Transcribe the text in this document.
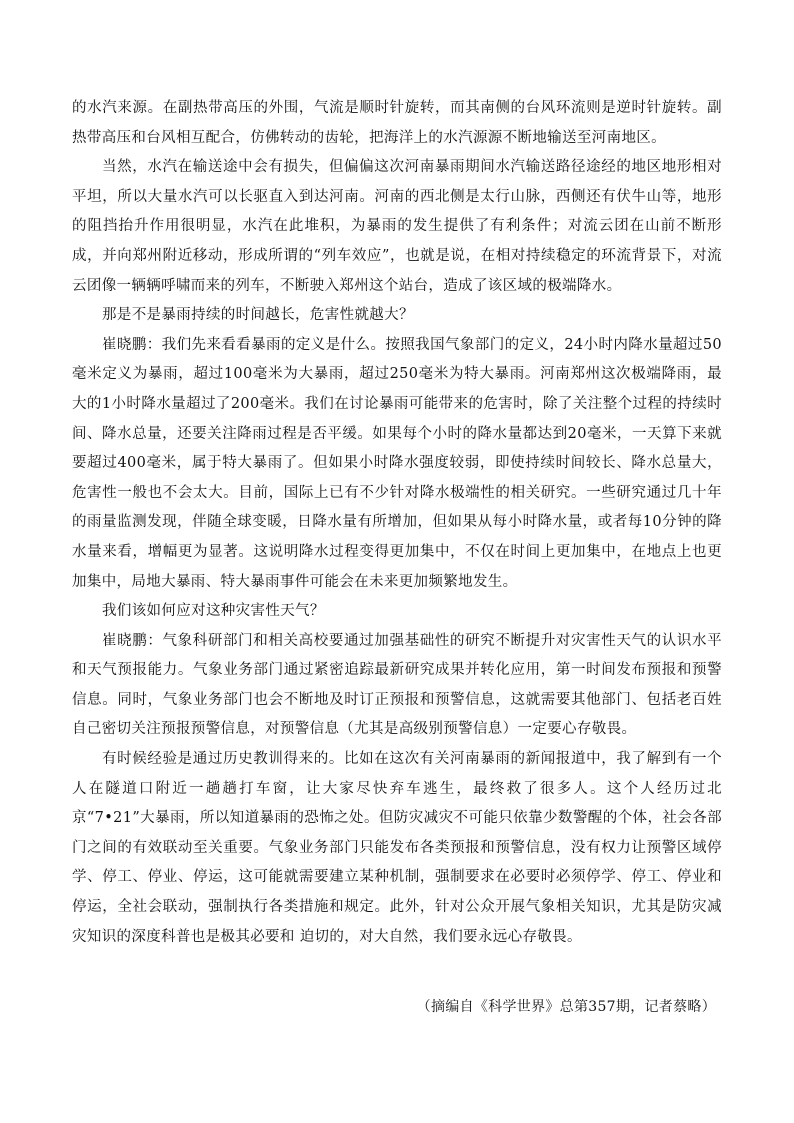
的水汽来源。在副热带高压的外围，气流是顺时针旋转，而其南侧的台风环流则是逆时针旋转。副热带高压和台风相互配合，仿佛转动的齿轮，把海洋上的水汽源源不断地输送至河南地区。

当然，水汽在输送途中会有损失，但偏偏这次河南暴雨期间水汽输送路径途经的地区地形相对平坦，所以大量水汽可以长驱直入到达河南。河南的西北侧是太行山脉，西侧还有伏牛山等，地形的阻挡抬升作用很明显，水汽在此堆积，为暴雨的发生提供了有利条件；对流云团在山前不断形成，并向郑州附近移动，形成所谓的“列车效应”，也就是说，在相对持续稳定的环流背景下，对流云团像一辆辆呼啸而来的列车，不断驶入郑州这个站台，造成了该区域的极端降水。

那是不是暴雨持续的时间越长，危害性就越大？

崔晓鹏：我们先来看看暴雨的定义是什么。按照我国气象部门的定义，24小时内降水量超过50毫米定义为暴雨，超过100毫米为大暴雨，超过250毫米为特大暴雨。河南郑州这次极端降雨，最大的1小时降水量超过了200毫米。我们在讨论暴雨可能带来的危害时，除了关注整个过程的持续时间、降水总量，还要关注降雨过程是否平缓。如果每个小时的降水量都达到20毫米，一天算下来就要超过400毫米，属于特大暴雨了。但如果小时降水强度较弱，即使持续时间较长、降水总量大，危害性一般也不会太大。目前，国际上已有不少针对降水极端性的相关研究。一些研究通过几十年的雨量监测发现，伴随全球变暖，日降水量有所增加，但如果从每小时降水量，或者每10分钟的降水量来看，增幅更为显著。这说明降水过程变得更加集中，不仅在时间上更加集中，在地点上也更加集中，局地大暴雨、特大暴雨事件可能会在未来更加频繁地发生。

我们该如何应对这种灾害性天气？

崔晓鹏：气象科研部门和相关高校要通过加强基础性的研究不断提升对灾害性天气的认识水平和天气预报能力。气象业务部门通过紧密追踪最新研究成果并转化应用，第一时间发布预报和预警信息。同时，气象业务部门也会不断地及时订正预报和预警信息，这就需要其他部门、包括老百姓自己密切关注预报预警信息，对预警信息（尤其是高级别预警信息）一定要心存敬畏。

有时候经验是通过历史教训得来的。比如在这次有关河南暴雨的新闻报道中，我了解到有一个人在隧道口附近一趟趟打车窗，让大家尽快弃车逃生，最终救了很多人。这个人经历过北京“7•21”大暴雨，所以知道暴雨的恐怖之处。但防灾减灾不可能只依靠少数警醒的个体，社会各部门之间的有效联动至关重要。气象业务部门只能发布各类预报和预警信息，没有权力让预警区域停学、停工、停业、停运，这可能就需要建立某种机制，强制要求在必要时必须停学、停工、停业和停运，全社会联动，强制执行各类措施和规定。此外，针对公众开展气象相关知识，尤其是防灾减灾知识的深度科普也是极其必要和 迫切的，对大自然，我们要永远心存敬畏。

（摘编自《科学世界》总第357期，记者蔡略）
